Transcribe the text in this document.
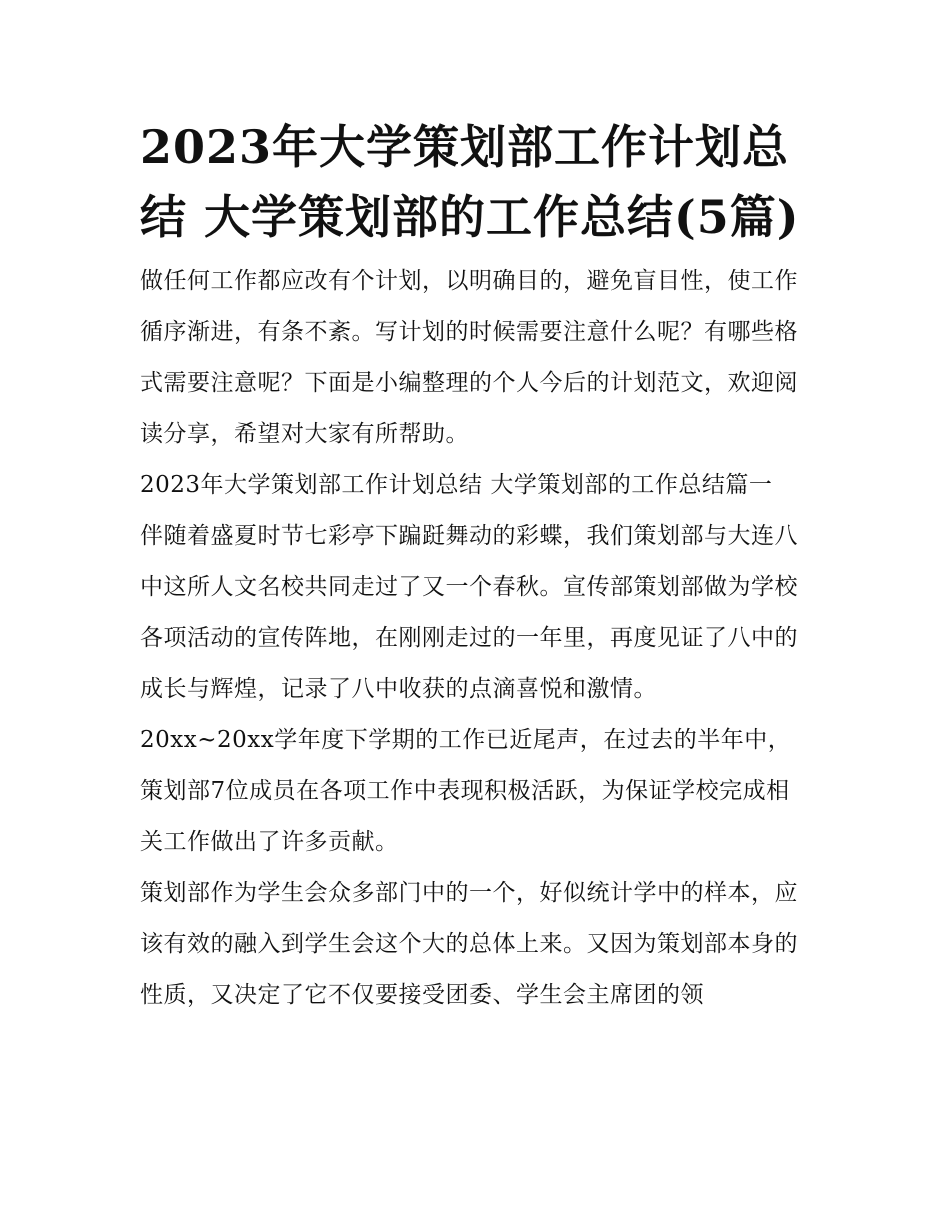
2023年大学策划部工作计划总结 大学策划部的工作总结(5篇)

做任何工作都应改有个计划，以明确目的，避免盲目性，使工作循序渐进，有条不紊。写计划的时候需要注意什么呢？有哪些格式需要注意呢？下面是小编整理的个人今后的计划范文，欢迎阅读分享，希望对大家有所帮助。

2023年大学策划部工作计划总结 大学策划部的工作总结篇一

伴随着盛夏时节七彩亭下蹁跹舞动的彩蝶，我们策划部与大连八中这所人文名校共同走过了又一个春秋。宣传部策划部做为学校各项活动的宣传阵地，在刚刚走过的一年里，再度见证了八中的成长与辉煌，记录了八中收获的点滴喜悦和激情。

20xx~20xx学年度下学期的工作已近尾声，在过去的半年中，策划部7位成员在各项工作中表现积极活跃，为保证学校完成相关工作做出了许多贡献。

策划部作为学生会众多部门中的一个，好似统计学中的样本，应该有效的融入到学生会这个大的总体上来。又因为策划部本身的性质，又决定了它不仅要接受团委、学生会主席团的领
